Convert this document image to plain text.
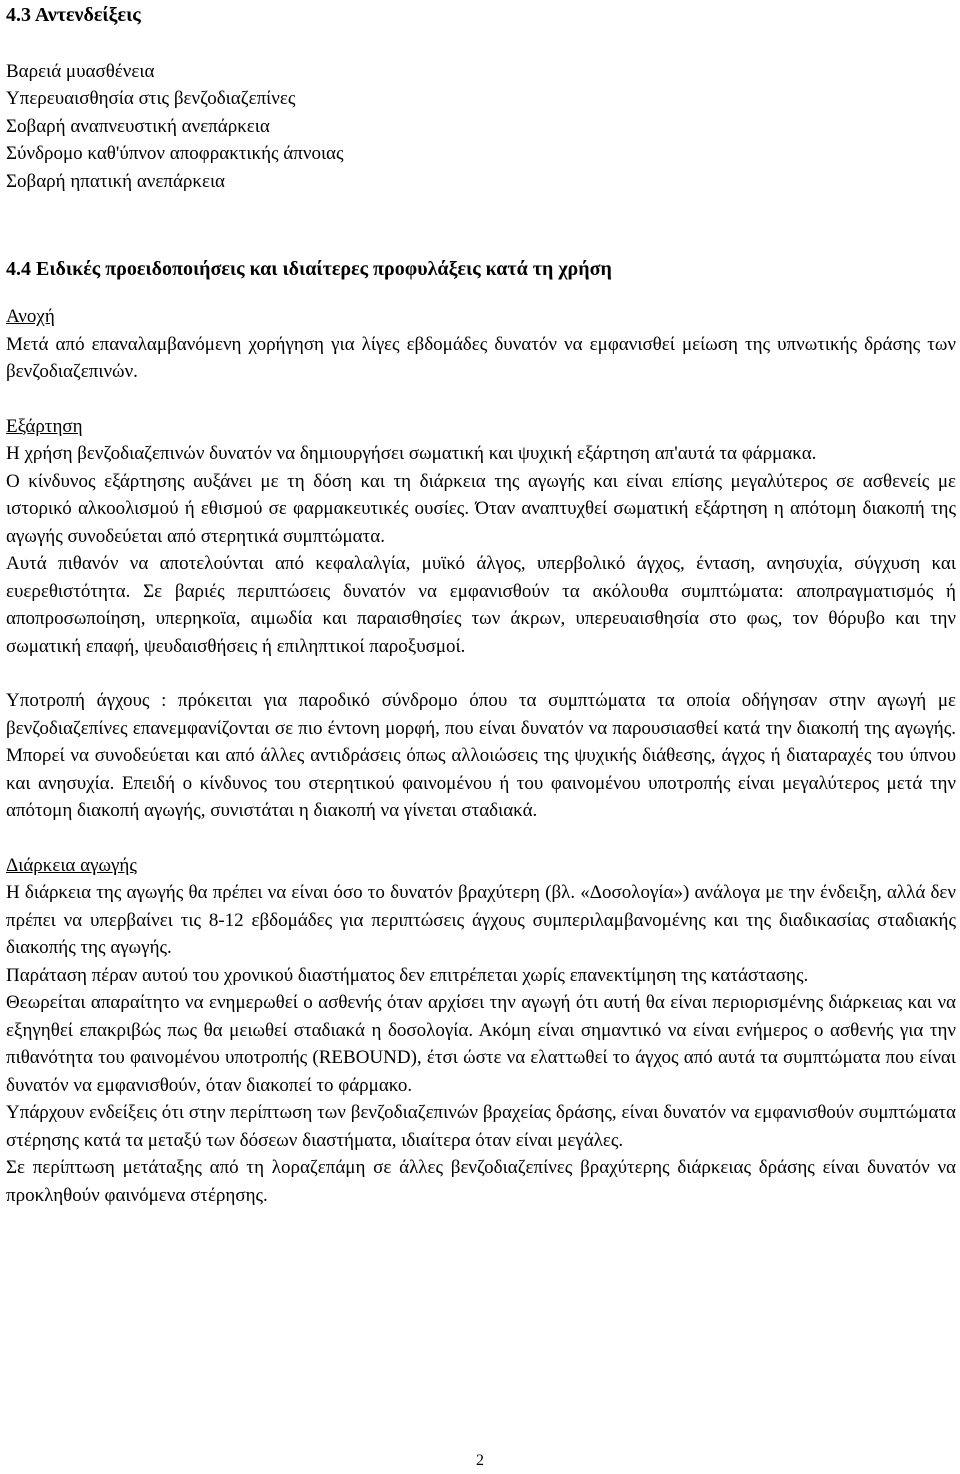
4.3 Αντενδείξεις
Βαρειά μυασθένεια
Υπερευαισθησία στις βενζοδιαζεπίνες
Σοβαρή αναπνευστική ανεπάρκεια
Σύνδρομο καθ'ύπνον αποφρακτικής άπνοιας
Σοβαρή ηπατική ανεπάρκεια
4.4 Ειδικές προειδοποιήσεις και ιδιαίτερες προφυλάξεις κατά τη χρήση
Ανοχή

Μετά από επαναλαμβανόμενη χορήγηση για λίγες εβδομάδες δυνατόν να εμφανισθεί μείωση της υπνωτικής δράσης των βενζοδιαζεπινών.

Εξάρτηση

Η χρήση βενζοδιαζεπινών δυνατόν να δημιουργήσει σωματική και ψυχική εξάρτηση απ'αυτά τα φάρμακα.

Ο κίνδυνος εξάρτησης αυξάνει με τη δόση και τη διάρκεια της αγωγής και είναι επίσης μεγαλύτερος σε ασθενείς με ιστορικό αλκοολισμού ή εθισμού σε φαρμακευτικές ουσίες. Όταν αναπτυχθεί σωματική εξάρτηση η απότομη διακοπή της αγωγής συνοδεύεται από στερητικά συμπτώματα.

Αυτά πιθανόν να αποτελούνται από κεφαλαλγία, μυϊκό άλγος, υπερβολικό άγχος, ένταση, ανησυχία, σύγχυση και ευερεθιστότητα. Σε βαριές περιπτώσεις δυνατόν να εμφανισθούν τα ακόλουθα συμπτώματα: αποπραγματισμός ή αποπροσωποίηση, υπερηκοϊα, αιμωδία και παραισθησίες των άκρων, υπερευαισθησία στο φως, τον θόρυβο και την σωματική επαφή, ψευδαισθήσεις ή επιληπτικοί παροξυσμοί.

Υποτροπή άγχους : πρόκειται για παροδικό σύνδρομο όπου τα συμπτώματα τα οποία οδήγησαν στην αγωγή με βενζοδιαζεπίνες επανεμφανίζονται σε πιο έντονη μορφή, που είναι δυνατόν να παρουσιασθεί κατά την διακοπή της αγωγής. Μπορεί να συνοδεύεται και από άλλες αντιδράσεις όπως αλλοιώσεις της ψυχικής διάθεσης, άγχος ή διαταραχές του ύπνου και ανησυχία. Επειδή ο κίνδυνος του στερητικού φαινομένου ή του φαινομένου υποτροπής είναι μεγαλύτερος μετά την απότομη διακοπή αγωγής, συνιστάται η διακοπή να γίνεται σταδιακά.

Διάρκεια αγωγής

Η διάρκεια της αγωγής θα πρέπει να είναι όσο το δυνατόν βραχύτερη (βλ. «Δοσολογία») ανάλογα με την ένδειξη, αλλά δεν πρέπει να υπερβαίνει τις 8-12 εβδομάδες για περιπτώσεις άγχους συμπεριλαμβανομένης και της διαδικασίας σταδιακής διακοπής της αγωγής.

Παράταση πέραν αυτού του χρονικού διαστήματος δεν επιτρέπεται χωρίς επανεκτίμηση της κατάστασης.

Θεωρείται απαραίτητο να ενημερωθεί ο ασθενής όταν αρχίσει την αγωγή ότι αυτή θα είναι περιορισμένης διάρκειας και να εξηγηθεί επακριβώς πως θα μειωθεί σταδιακά η δοσολογία. Ακόμη είναι σημαντικό να είναι ενήμερος ο ασθενής για την πιθανότητα του φαινομένου υποτροπής (REBOUND), έτσι ώστε να ελαττωθεί το άγχος από αυτά τα συμπτώματα που είναι δυνατόν να εμφανισθούν, όταν διακοπεί το φάρμακο.

Υπάρχουν ενδείξεις ότι στην περίπτωση των βενζοδιαζεπινών βραχείας δράσης, είναι δυνατόν να εμφανισθούν συμπτώματα στέρησης κατά τα μεταξύ των δόσεων διαστήματα, ιδιαίτερα όταν είναι μεγάλες.

Σε περίπτωση μετάταξης από τη λοραζεπάμη σε άλλες βενζοδιαζεπίνες βραχύτερης διάρκειας δράσης είναι δυνατόν να προκληθούν φαινόμενα στέρησης.

2
